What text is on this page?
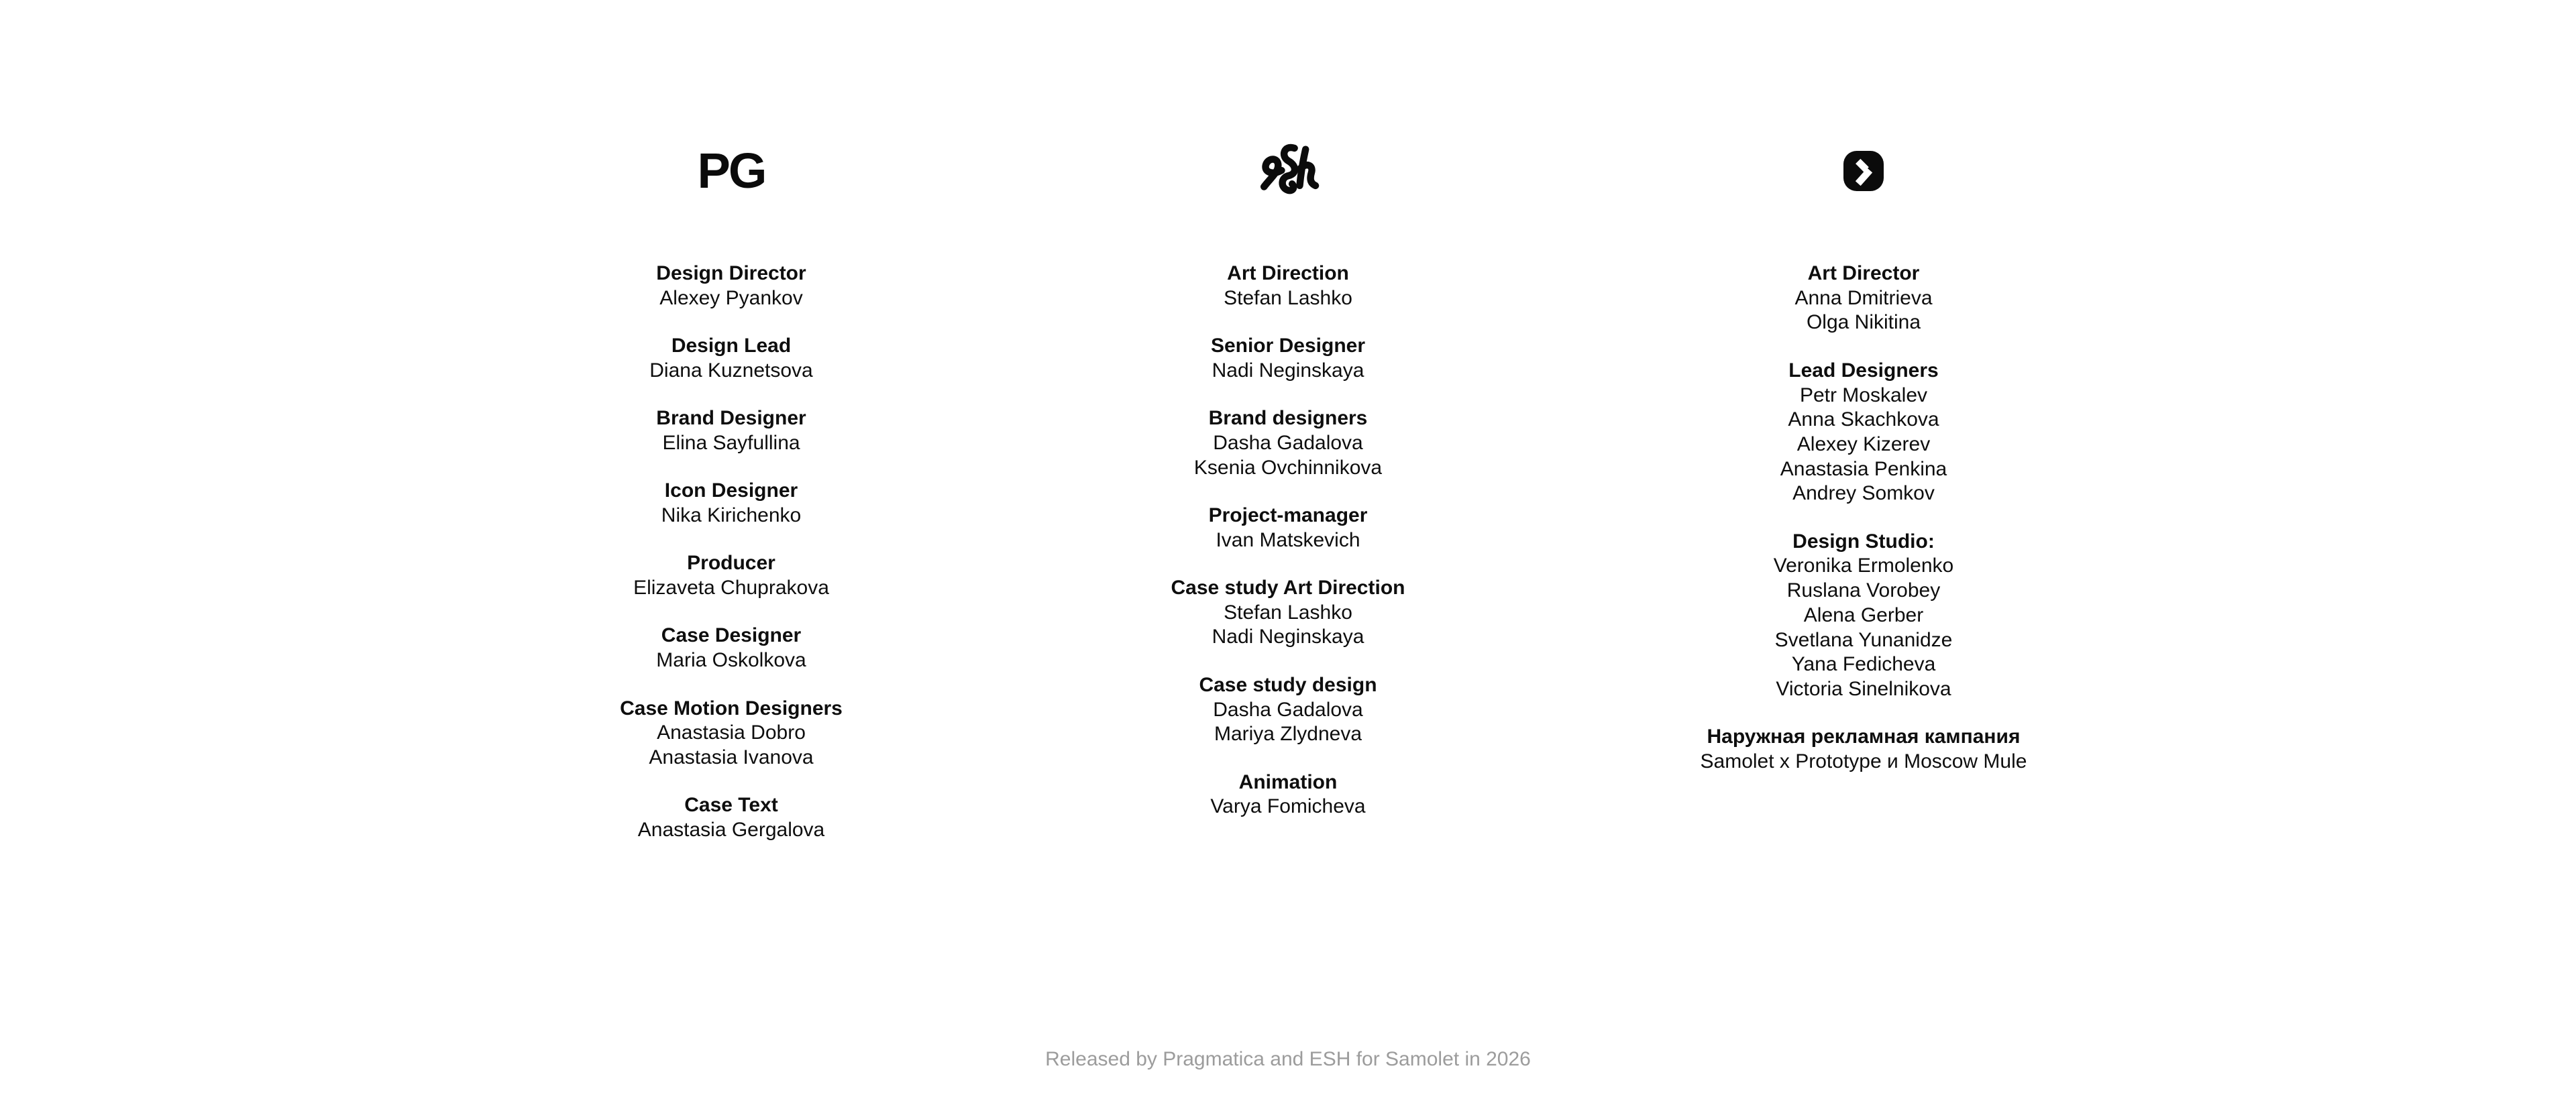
PG
Design Director
Alexey Pyankov
Design Lead
Diana Kuznetsova
Brand Designer
Elina Sayfullina
Icon Designer
Nika Kirichenko
Producer
Elizaveta Chuprakova
Case Designer
Maria Oskolkova
Case Motion Designers
Anastasia Dobro
Anastasia Ivanova
Case Text
Anastasia Gergalova
Art Direction
Stefan Lashko
Senior Designer
Nadi Neginskaya
Brand designers
Dasha Gadalova
Ksenia Ovchinnikova
Project-manager
Ivan Matskevich
Case study Art Direction
Stefan Lashko
Nadi Neginskaya
Case study design
Dasha Gadalova
Mariya Zlydneva
Animation
Varya Fomicheva
Art Director
Anna Dmitrieva
Olga Nikitina
Lead Designers
Petr Moskalev
Anna Skachkova
Alexey Kizerev
Anastasia Penkina
Andrey Somkov
Design Studio:
Veronika Ermolenko
Ruslana Vorobey
Alena Gerber
Svetlana Yunanidze
Yana Fedicheva
Victoria Sinelnikova
Наружная рекламная кампания
Samolet x Prototype и Moscow Mule
Released by Pragmatica and ESH for Samolet in 2026
